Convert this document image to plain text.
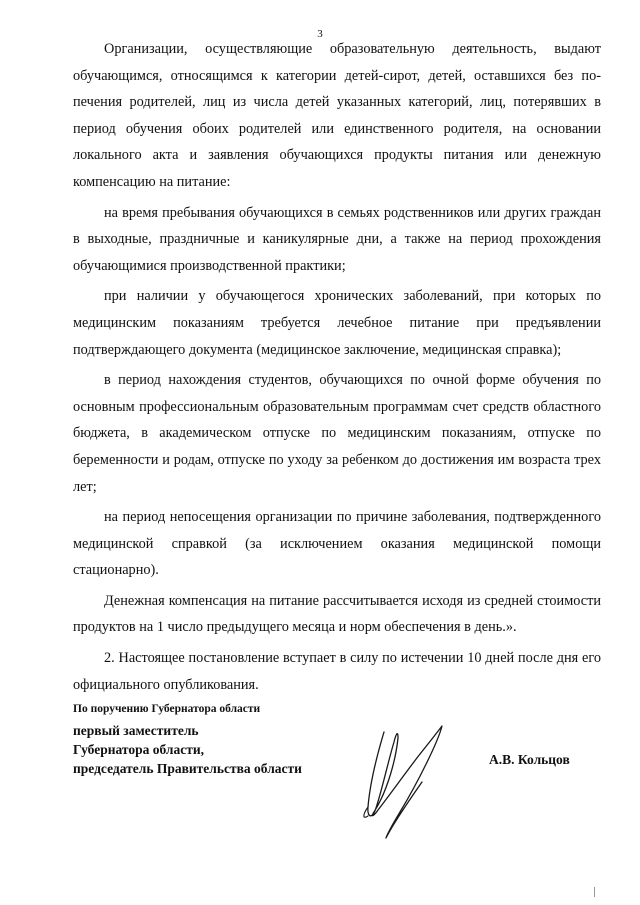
3

Организации, осуществляющие образовательную деятельность, выдают обучающимся, относящимся к категории детей-сирот, детей, оставшихся без попечения родителей, лиц из числа детей указанных категорий, лиц, потерявших в период обучения обоих родителей или единственного родителя, на основании локального акта и заявления обучающихся продукты питания или денежную компенсацию на питание:

на время пребывания обучающихся в семьях родственников или других граждан в выходные, праздничные и каникулярные дни, а также на период прохождения обучающимися производственной практики;

при наличии у обучающегося хронических заболеваний, при которых по медицинским показаниям требуется лечебное питание при предъявлении подтверждающего документа (медицинское заключение, медицинская справка);

в период нахождения студентов, обучающихся по очной форме обучения по основным профессиональным образовательным программам счет средств областного бюджета, в академическом отпуске по медицинским показаниям, отпуске по беременности и родам, отпуске по уходу за ребенком до достижения им возраста трех лет;

на период непосещения организации по причине заболевания, подтвержденного медицинской справкой (за исключением оказания медицинской помощи стационарно).

Денежная компенсация на питание рассчитывается исходя из средней стоимости продуктов на 1 число предыдущего месяца и норм обеспечения в день.».

2. Настоящее постановление вступает в силу по истечении 10 дней после дня его официального опубликования.

По поручению Губернатора области
первый заместитель
Губернатора области,
председатель Правительства области
А.В. Кольцов
